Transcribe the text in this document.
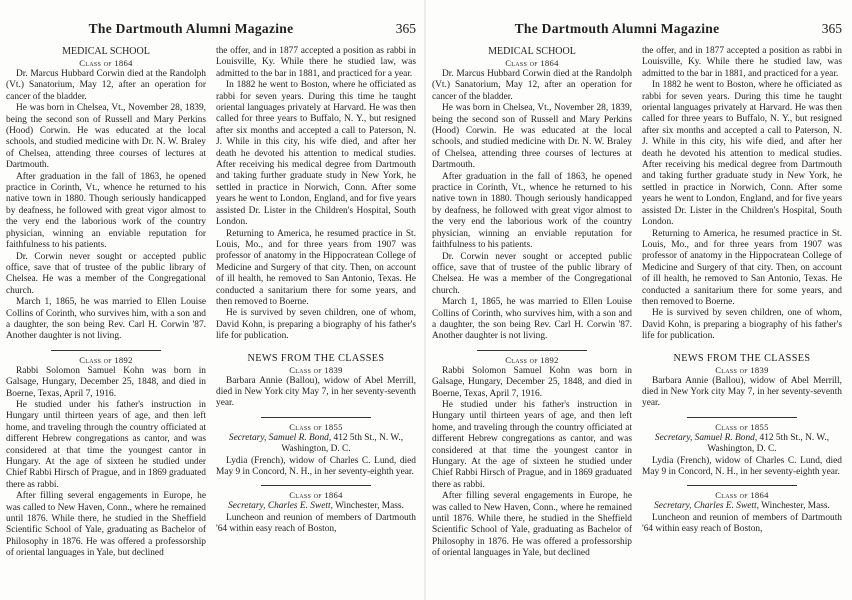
The Dartmouth Alumni Magazine	365
MEDICAL SCHOOL
Class of 1864

Dr. Marcus Hubbard Corwin died at the Randolph (Vt.) Sanatorium, May 12, after an operation for cancer of the bladder.

He was born in Chelsea, Vt., November 28, 1839, being the second son of Russell and Mary Perkins (Hood) Corwin. He was educated at the local schools, and studied medicine with Dr. N. W. Braley of Chelsea, attending three courses of lectures at Dartmouth.

After graduation in the fall of 1863, he opened practice in Corinth, Vt., whence he returned to his native town in 1880. Though seriously handicapped by deafness, he followed with great vigor almost to the very end the laborious work of the country physician, winning an enviable reputation for faithfulness to his patients.

Dr. Corwin never sought or accepted public office, save that of trustee of the public library of Chelsea. He was a member of the Congregational church.

March 1, 1865, he was married to Ellen Louise Collins of Corinth, who survives him, with a son and a daughter, the son being Rev. Carl H. Corwin '87. Another daughter is not living.

Class of 1892

Rabbi Solomon Samuel Kohn was born in Galsage, Hungary, December 25, 1848, and died in Boerne, Texas, April 7, 1916.

He studied under his father's instruction in Hungary until thirteen years of age, and then left home, and traveling through the country officiated at different Hebrew congregations as cantor, and was considered at that time the youngest cantor in Hungary. At the age of sixteen he studied under Chief Rabbi Hirsch of Prague, and in 1869 graduated there as rabbi.

After filling several engagements in Europe, he was called to New Haven, Conn., where he remained until 1876. While there, he studied in the Sheffield Scientific School of Yale, graduating as Bachelor of Philosophy in 1876. He was offered a professorship of oriental languages in Yale, but declined

the offer, and in 1877 accepted a position as rabbi in Louisville, Ky. While there he studied law, was admitted to the bar in 1881, and practiced for a year.

In 1882 he went to Boston, where he officiated as rabbi for seven years. During this time he taught oriental languages privately at Harvard. He was then called for three years to Buffalo, N. Y., but resigned after six months and accepted a call to Paterson, N. J. While in this city, his wife died, and after her death he devoted his attention to medical studies. After receiving his medical degree from Dartmouth and taking further graduate study in New York, he settled in practice in Norwich, Conn. After some years he went to London, England, and for five years assisted Dr. Lister in the Children's Hospital, South London.

Returning to America, he resumed practice in St. Louis, Mo., and for three years from 1907 was professor of anatomy in the Hippocratean College of Medicine and Surgery of that city. Then, on account of ill health, he removed to San Antonio, Texas. He conducted a sanitarium there for some years, and then removed to Boerne.

He is survived by seven children, one of whom, David Kohn, is preparing a biography of his father's life for publication.

NEWS FROM THE CLASSES
Class of 1839

Barbara Annie (Ballou), widow of Abel Merrill, died in New York city May 7, in her seventy-seventh year.

Class of 1855
Secretary, Samuel R. Bond, 412 5th St., N. W., Washington, D. C.

Lydia (French), widow of Charles C. Lund, died May 9 in Concord, N. H., in her seventy-eighth year.

Class of 1864
Secretary, Charles E. Swett, Winchester, Mass.

Luncheon and reunion of members of Dartmouth '64 within easy reach of Boston,

The Dartmouth Alumni Magazine	365
MEDICAL SCHOOL
Class of 1864

Dr. Marcus Hubbard Corwin died at the Randolph (Vt.) Sanatorium, May 12, after an operation for cancer of the bladder.

He was born in Chelsea, Vt., November 28, 1839, being the second son of Russell and Mary Perkins (Hood) Corwin. He was educated at the local schools, and studied medicine with Dr. N. W. Braley of Chelsea, attending three courses of lectures at Dartmouth.

After graduation in the fall of 1863, he opened practice in Corinth, Vt., whence he returned to his native town in 1880. Though seriously handicapped by deafness, he followed with great vigor almost to the very end the laborious work of the country physician, winning an enviable reputation for faithfulness to his patients.

Dr. Corwin never sought or accepted public office, save that of trustee of the public library of Chelsea. He was a member of the Congregational church.

March 1, 1865, he was married to Ellen Louise Collins of Corinth, who survives him, with a son and a daughter, the son being Rev. Carl H. Corwin '87. Another daughter is not living.

Class of 1892

Rabbi Solomon Samuel Kohn was born in Galsage, Hungary, December 25, 1848, and died in Boerne, Texas, April 7, 1916.

He studied under his father's instruction in Hungary until thirteen years of age, and then left home, and traveling through the country officiated at different Hebrew congregations as cantor, and was considered at that time the youngest cantor in Hungary. At the age of sixteen he studied under Chief Rabbi Hirsch of Prague, and in 1869 graduated there as rabbi.

After filling several engagements in Europe, he was called to New Haven, Conn., where he remained until 1876. While there, he studied in the Sheffield Scientific School of Yale, graduating as Bachelor of Philosophy in 1876. He was offered a professorship of oriental languages in Yale, but declined

the offer, and in 1877 accepted a position as rabbi in Louisville, Ky. While there he studied law, was admitted to the bar in 1881, and practiced for a year.

In 1882 he went to Boston, where he officiated as rabbi for seven years. During this time he taught oriental languages privately at Harvard. He was then called for three years to Buffalo, N. Y., but resigned after six months and accepted a call to Paterson, N. J. While in this city, his wife died, and after her death he devoted his attention to medical studies. After receiving his medical degree from Dartmouth and taking further graduate study in New York, he settled in practice in Norwich, Conn. After some years he went to London, England, and for five years assisted Dr. Lister in the Children's Hospital, South London.

Returning to America, he resumed practice in St. Louis, Mo., and for three years from 1907 was professor of anatomy in the Hippocratean College of Medicine and Surgery of that city. Then, on account of ill health, he removed to San Antonio, Texas. He conducted a sanitarium there for some years, and then removed to Boerne.

He is survived by seven children, one of whom, David Kohn, is preparing a biography of his father's life for publication.

NEWS FROM THE CLASSES
Class of 1839

Barbara Annie (Ballou), widow of Abel Merrill, died in New York city May 7, in her seventy-seventh year.

Class of 1855
Secretary, Samuel R. Bond, 412 5th St., N. W., Washington, D. C.

Lydia (French), widow of Charles C. Lund, died May 9 in Concord, N. H., in her seventy-eighth year.

Class of 1864
Secretary, Charles E. Swett, Winchester, Mass.

Luncheon and reunion of members of Dartmouth '64 within easy reach of Boston,
